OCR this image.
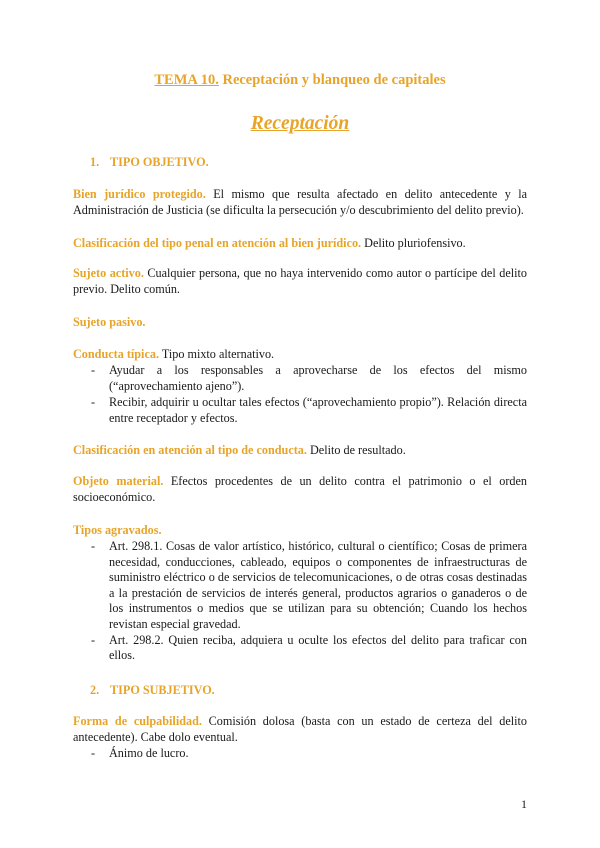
TEMA 10. Receptación y blanqueo de capitales
Receptación
1. TIPO OBJETIVO.
Bien jurídico protegido. El mismo que resulta afectado en delito antecedente y la Administración de Justicia (se dificulta la persecución y/o descubrimiento del delito previo).
Clasificación del tipo penal en atención al bien jurídico. Delito pluriofensivo.
Sujeto activo. Cualquier persona, que no haya intervenido como autor o partícipe del delito previo. Delito común.
Sujeto pasivo.
Conducta típica. Tipo mixto alternativo.
- Ayudar a los responsables a aprovecharse de los efectos del mismo (“aprovechamiento ajeno”).
- Recibir, adquirir u ocultar tales efectos (“aprovechamiento propio”). Relación directa entre receptador y efectos.
Clasificación en atención al tipo de conducta. Delito de resultado.
Objeto material. Efectos procedentes de un delito contra el patrimonio o el orden socioeconómico.
Tipos agravados.
- Art. 298.1. Cosas de valor artístico, histórico, cultural o científico; Cosas de primera necesidad, conducciones, cableado, equipos o componentes de infraestructuras de suministro eléctrico o de servicios de telecomunicaciones, o de otras cosas destinadas a la prestación de servicios de interés general, productos agrarios o ganaderos o de los instrumentos o medios que se utilizan para su obtención; Cuando los hechos revistan especial gravedad.
- Art. 298.2. Quien reciba, adquiera u oculte los efectos del delito para traficar con ellos.
2. TIPO SUBJETIVO.
Forma de culpabilidad. Comisión dolosa (basta con un estado de certeza del delito antecedente). Cabe dolo eventual.
- Ánimo de lucro.
1
